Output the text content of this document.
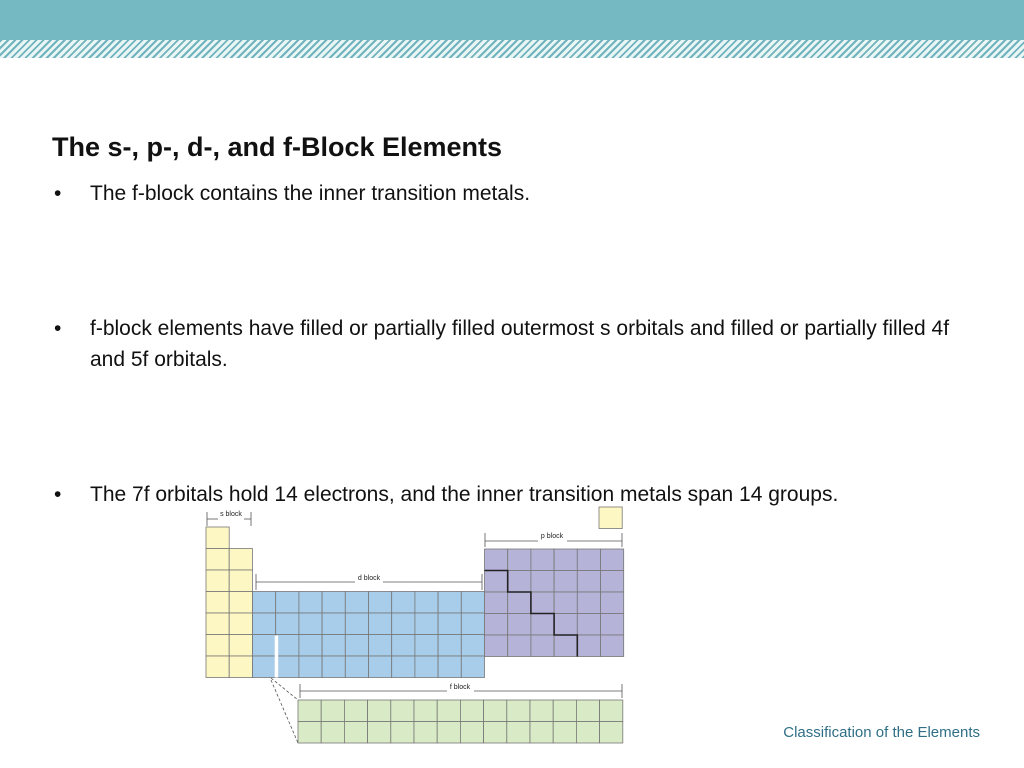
The s-, p-, d-, and f-Block Elements
• The f-block contains the inner transition metals.
• f-block elements have filled or partially filled outermost s orbitals and filled or partially filled 4f and 5f orbitals.
• The 7f orbitals hold 14 electrons, and the inner transition metals span 14 groups.
s block
p block
d block
f block
Classification of the Elements
